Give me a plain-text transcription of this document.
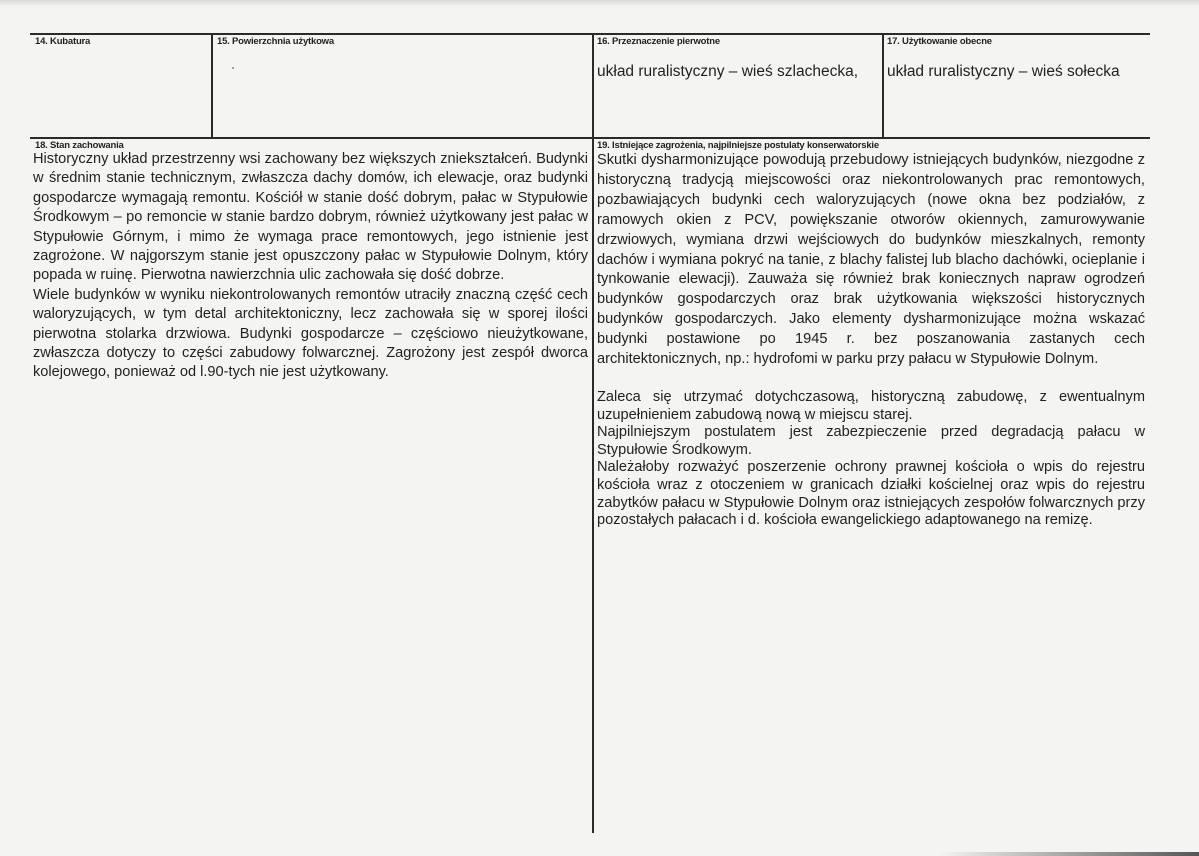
14. Kubatura	15. Powierzchnia użytkowa	16. Przeznaczenie pierwotne
układ ruralistyczny – wieś szlachecka,
17. Użytkowanie obecne
układ ruralistyczny – wieś sołecka
18. Stan zachowania

Historyczny układ przestrzenny wsi zachowany bez większych zniekształceń. Budynki w średnim stanie technicznym, zwłaszcza dachy domów, ich elewacje, oraz budynki gospodarcze wymagają remontu. Kościół w stanie dość dobrym, pałac w Stypułowie Środkowym – po remoncie w stanie bardzo dobrym, również użytkowany jest pałac w Stypułowie Górnym, i mimo że wymaga prace remontowych, jego istnienie jest zagrożone. W najgorszym stanie jest opuszczony pałac w Stypułowie Dolnym, który popada w ruinę. Pierwotna nawierzchnia ulic zachowała się dość dobrze.

Wiele budynków w wyniku niekontrolowanych remontów utraciły znaczną część cech waloryzujących, w tym detal architektoniczny, lecz zachowała się w sporej ilości pierwotna stolarka drzwiowa. Budynki gospodarcze – częściowo nieużytkowane, zwłaszcza dotyczy to części zabudowy folwarcznej. Zagrożony jest zespół dworca kolejowego, ponieważ od l.90-tych nie jest użytkowany.

19. Istniejące zagrożenia, najpilniejsze postulaty konserwatorskie

Skutki dysharmonizujące powodują przebudowy istniejących budynków, niezgodne z historyczną tradycją miejscowości oraz niekontrolowanych prac remontowych, pozbawiających budynki cech waloryzujących (nowe okna bez podziałów, z ramowych okien z PCV, powiększanie otworów okiennych, zamurowywanie drzwiowych, wymiana drzwi wejściowych do budynków mieszkalnych, remonty dachów i wymiana pokryć na tanie, z blachy falistej lub blacho dachówki, ocieplanie i tynkowanie elewacji). Zauważa się również brak koniecznych napraw ogrodzeń budynków gospodarczych oraz brak użytkowania większości historycznych budynków gospodarczych. Jako elementy dysharmonizujące można wskazać budynki postawione po 1945 r. bez poszanowania zastanych cech architektonicznych, np.: hydrofomi w parku przy pałacu w Stypułowie Dolnym.

Zaleca się utrzymać dotychczasową, historyczną zabudowę, z ewentualnym uzupełnieniem zabudową nową w miejscu starej.

Najpilniejszym postulatem jest zabezpieczenie przed degradacją pałacu w Stypułowie Środkowym.

Należałoby rozważyć poszerzenie ochrony prawnej kościoła o wpis do rejestru kościoła wraz z otoczeniem w granicach działki kościelnej oraz wpis do rejestru zabytków pałacu w Stypułowie Dolnym oraz istniejących zespołów folwarcznych przy pozostałych pałacach i d. kościoła ewangelickiego adaptowanego na remizę.
